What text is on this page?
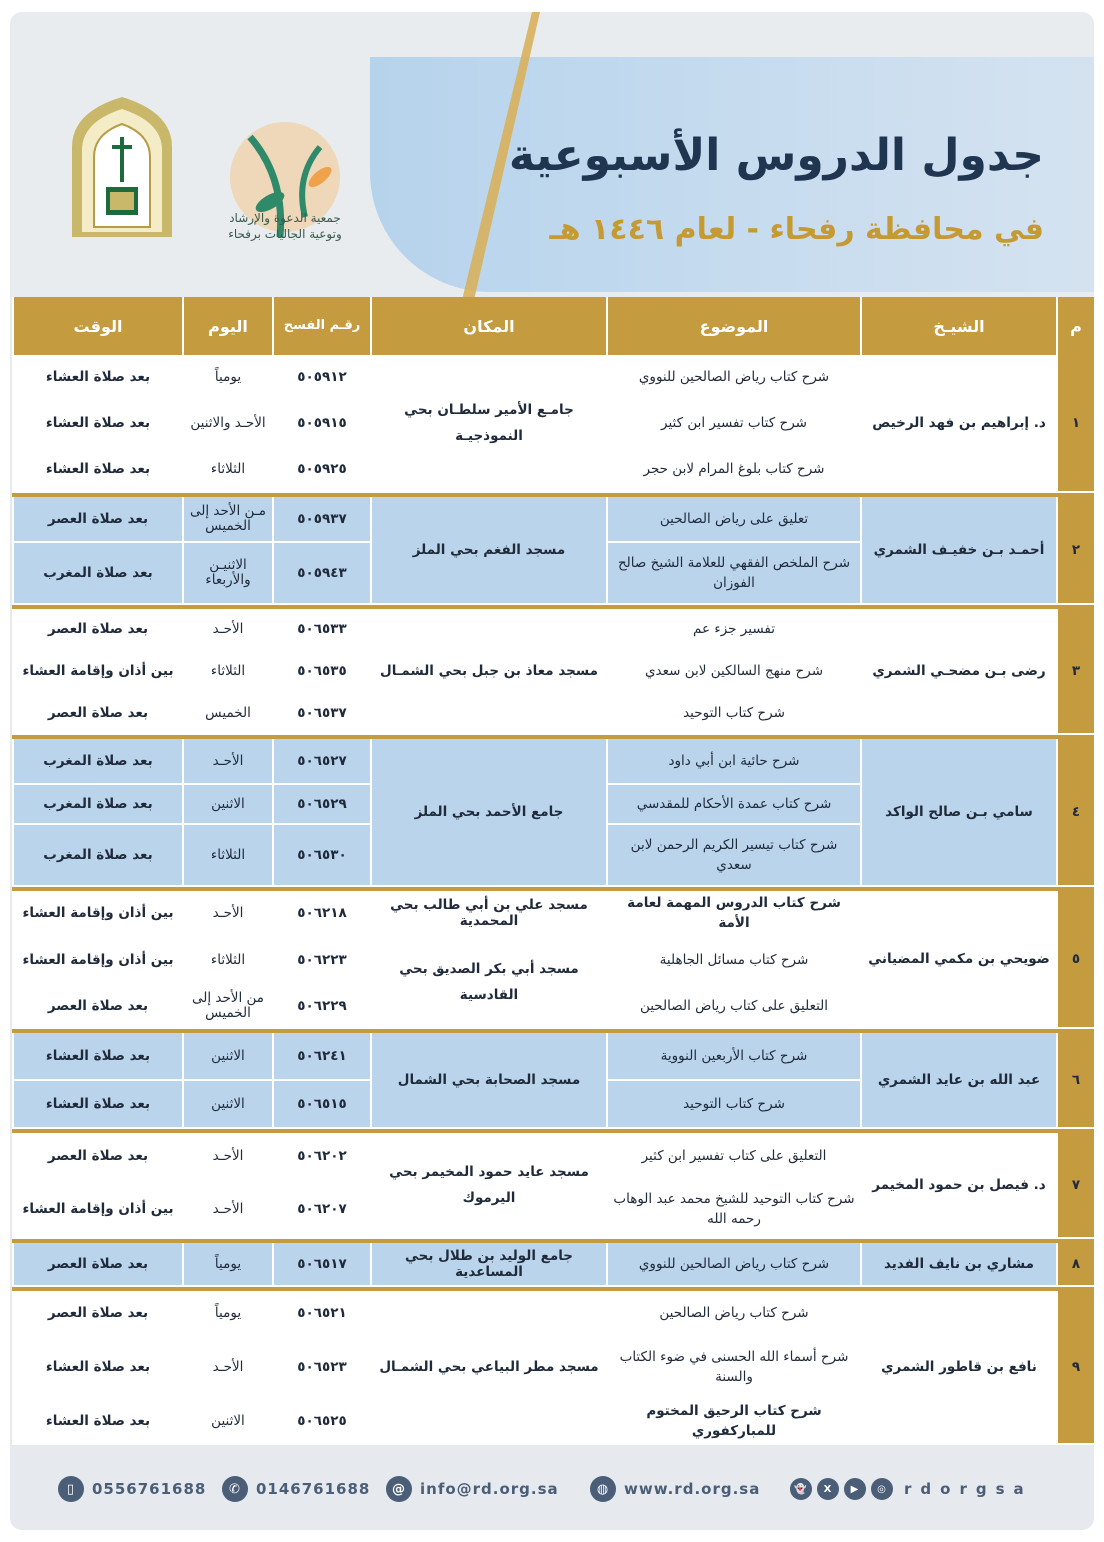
جدول الدروس الأسبوعية
في محافظة رفحاء - لعام ١٤٤٦ هـ
جمعية الدعوة والإرشاد
وتوعية الجاليات برفحاء
م	الشيـخ	الموضوع	المكان	رقـم الفسح	اليوم	الوقت
١	د. إبراهيم بن فهد الرخيص	شرح كتاب رياض الصالحين للنووي	جامـع الأمير سلطـان بحي النموذجيـة	٥٠٥٩١٢	يومياً	بعد صلاة العشاء
		شرح كتاب تفسير ابن كثير		٥٠٥٩١٥	الأحـد والاثنين	بعد صلاة العشاء
		شرح كتاب بلوغ المرام لابن حجر		٥٠٥٩٢٥	الثلاثاء	بعد صلاة العشاء

٢	أحمـد بـن خفيـف الشمري	تعليق على رياض الصالحين	مسجد الفغم بحي الملز	٥٠٥٩٣٧	مـن الأحد إلى الخميس	بعد صلاة العصر
		شرح الملخص الفقهي للعلامة الشيخ صالح الفوزان		٥٠٥٩٤٣	الاثنيـن والأربعاء	بعد صلاة المغرب

٣	رضى بـن مضحـي الشمري	تفسير جزء عم	مسجد معاذ بن جبل بحي الشمـال	٥٠٦٥٣٣	الأحـد	بعد صلاة العصر
		شرح منهج السالكين لابن سعدي		٥٠٦٥٣٥	الثلاثاء	بين أذان وإقامة العشاء
		شرح كتاب التوحيد		٥٠٦٥٣٧	الخميس	بعد صلاة العصر

٤	سامي بـن صالح الواكد	شرح حائية ابن أبي داود	جامع الأحمد بحي الملز	٥٠٦٥٢٧	الأحـد	بعد صلاة المغرب
		شرح كتاب عمدة الأحكام للمقدسي		٥٠٦٥٢٩	الاثنين	بعد صلاة المغرب
		شرح كتاب تيسير الكريم الرحمن لابن سعدي		٥٠٦٥٣٠	الثلاثاء	بعد صلاة المغرب

٥	ضويحي بن مكمي المضياني	شرح كتاب الدروس المهمة لعامة الأمة	مسجد علي بن أبي طالب بحي المحمدية	٥٠٦٢١٨	الأحـد	بين أذان وإقامة العشاء
		شرح كتاب مسائل الجاهلية	مسجد أبي بكر الصديق بحي القادسية	٥٠٦٢٢٣	الثلاثاء	بين أذان وإقامة العشاء
		التعليق على كتاب رياض الصالحين		٥٠٦٢٢٩	من الأحد إلى الخميس	بعد صلاة العصر

٦	عبد الله بن عايد الشمري	شرح كتاب الأربعين النووية	مسجد الصحابة بحي الشمال	٥٠٦٢٤١	الاثنين	بعد صلاة العشاء
		شرح كتاب التوحيد		٥٠٦٥١٥	الاثنين	بعد صلاة العشاء

٧	د. فيصل بن حمود المخيمر	التعليق على كتاب تفسير ابن كثير	مسجد عايد حمود المخيمر بحي اليرموك	٥٠٦٢٠٢	الأحـد	بعد صلاة العصر
		شرح كتاب التوحيد للشيخ محمد عبد الوهاب رحمه الله		٥٠٦٢٠٧	الأحـد	بين أذان وإقامة العشاء

٨	مشاري بن نايف الفديد	شرح كتاب رياض الصالحين للنووي	جامع الوليد بن طلال بحي المساعدية	٥٠٦٥١٧	يومياً	بعد صلاة العصر

٩	نافع بن قاطور الشمري	شرح كتاب رياض الصالحين	مسجد مطر البياعي بحي الشمـال	٥٠٦٥٢١	يومياً	بعد صلاة العصر
		شرح أسماء الله الحسنى في ضوء الكتاب والسنة		٥٠٦٥٢٣	الأحـد	بعد صلاة العشاء
		شرح كتاب الرحيق المختوم للمباركفوري		٥٠٦٥٢٥	الاثنين	بعد صلاة العشاء
▯	0556761688	✆	0146761688	@ info@rd.org.sa	◍ www.rd.org.sa	👻	X	▶	◎	rdorgsa
